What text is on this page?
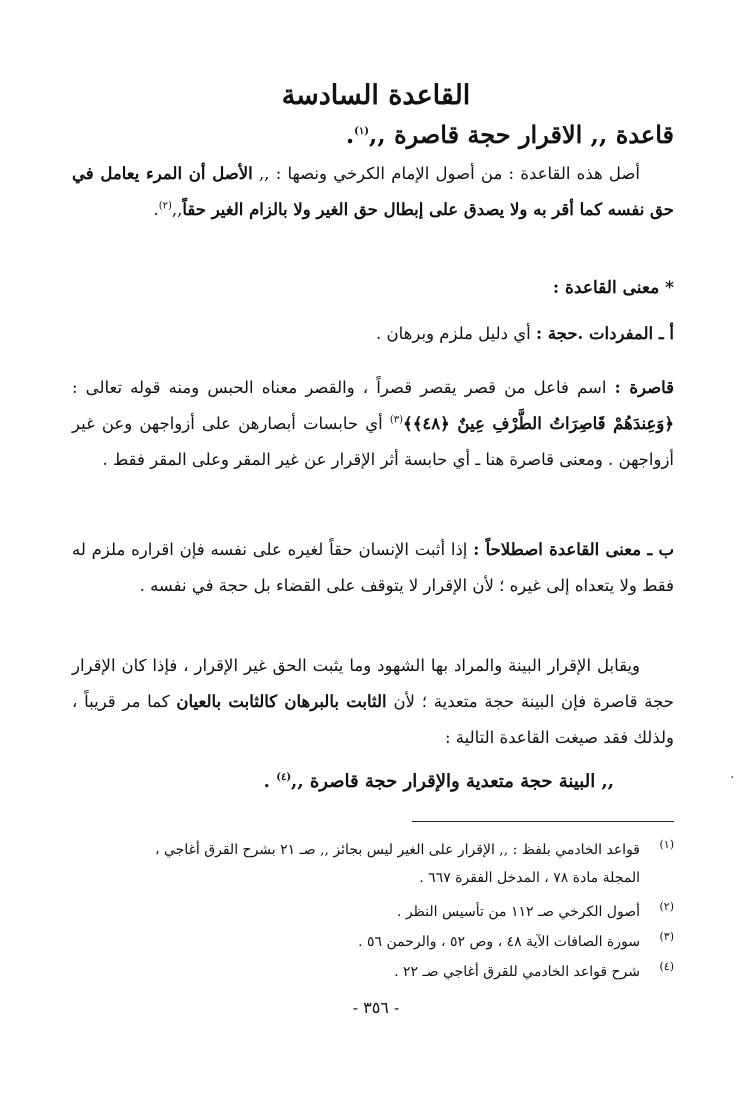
القاعدة السادسة
قاعدة ,, الاقرار حجة قاصرة ,,$^{(١)}$.
أصل هذه القاعدة : من أصول الإمام الكرخي ونصها : ,, الأصل أن المرء يعامل في حق نفسه كما أقر به ولا يصدق على إبطال حق الغير ولا بالزام الغير حقاً,,$^{(٢)}$.
* معنى القاعدة :
أ ـ المفردات .حجة : أي دليل ملزم وبرهان .
قاصرة : اسم فاعل من قصر يقصر قصراً ، والقصر معناه الحبس ومنه قوله تعالى : ﴿وَعِندَهُمْ قَاصِرَاتُ الطَّرْفِ عِينٌ ﴿٤٨﴾﴾$^{(٣)}$ أي حابسات أبصارهن على أزواجهن وعن غير أزواجهن . ومعنى قاصرة هنا ـ أي حابسة أثر الإقرار عن غير المقر وعلى المقر فقط .
ب ـ معنى القاعدة اصطلاحاً : إذا أثبت الإنسان حقاً لغيره على نفسه فإن اقراره ملزم له فقط ولا يتعداه إلى غيره ؛ لأن الإقرار لا يتوقف على القضاء بل حجة في نفسه .
ويقابل الإقرار البينة والمراد بها الشهود وما يثبت الحق غير الإقرار ، فإذا كان الإقرار حجة قاصرة فإن البينة حجة متعدية ؛ لأن الثابت بالبرهان كالثابت بالعيان كما مر قريباً ، ولذلك فقد صيغت القاعدة التالية :
,, البينة حجة متعدية والإقرار حجة قاصرة ,,$^{(٤)}$ .
(١)قواعد الخادمي بلفظ : ,, الإقرار على الغير ليس بجائز ,, صـ ٢١ بشرح القرق أغاجي ،
المجلة مادة ٧٨ ، المدخل الفقرة ٦٦٧ .
(٢)أصول الكرخي صـ ١١٢ من تأسيس النظر .
(٣)سورة الصافات الآية ٤٨ ، وص ٥٢ ، والرحمن ٥٦ .
(٤)شرح قواعد الخادمي للقرق أغاجي صـ ٢٢ .
- ٣٥٦ -
·
